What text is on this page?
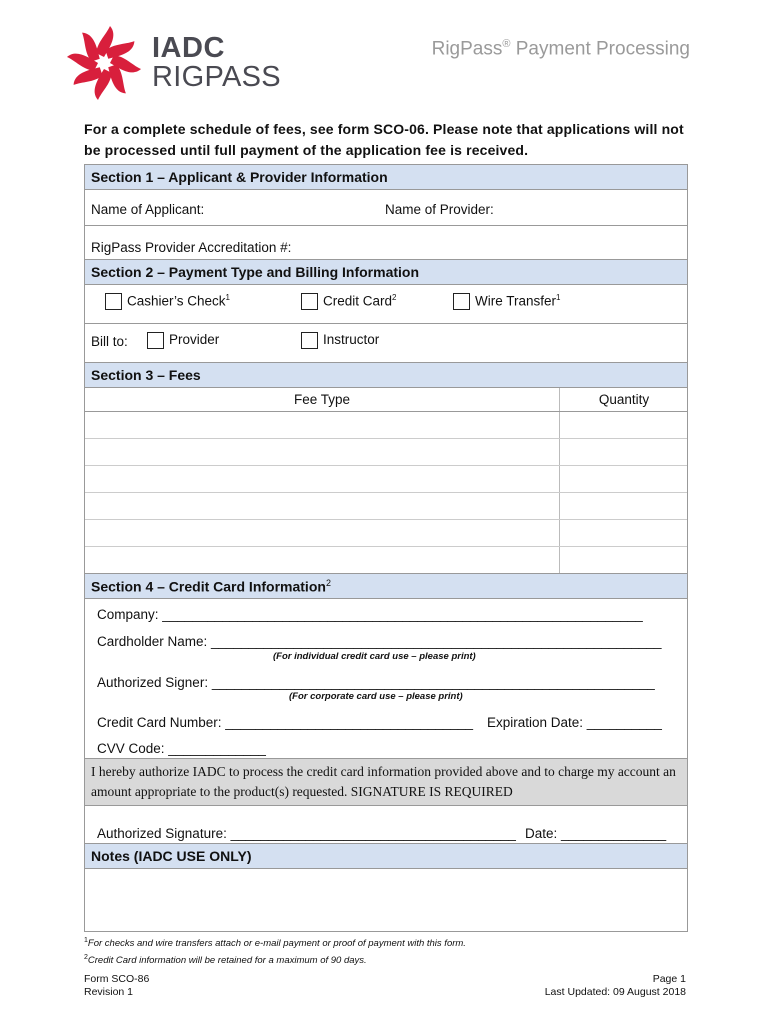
IADC
RIGPASS
RigPass® Payment Processing
For a complete schedule of fees, see form SCO-06. Please note that applications will not be processed until full payment of the application fee is received.
Section 1 – Applicant & Provider Information
Name of Applicant:	Name of Provider:
RigPass Provider Accreditation #:
Section 2 – Payment Type and Billing Information
Cashier’s Check$^1$	Credit Card$^2$	Wire Transfer$^1$
Bill to:	Provider	Instructor
Section 3 – Fees
Fee Type	Quantity
Section 4 – Credit Card Information$^2$
Company: ________________________________________________________________
Cardholder Name: ____________________________________________________________
(For individual credit card use – please print)
Authorized Signer: ___________________________________________________________
(For corporate card use – please print)
Credit Card Number: _________________________________ Expiration Date: __________
CVV Code: _____________
I hereby authorize IADC to process the credit card information provided above and to charge my account an amount appropriate to the product(s) requested. SIGNATURE IS REQUIRED
Authorized Signature: ______________________________________ Date: ______________
Notes (IADC USE ONLY)
$^1$For checks and wire transfers attach or e-mail payment or proof of payment with this form.
$^2$Credit Card information will be retained for a maximum of 90 days.
Form SCO-86
Revision 1
Page 1
Last Updated: 09 August 2018
